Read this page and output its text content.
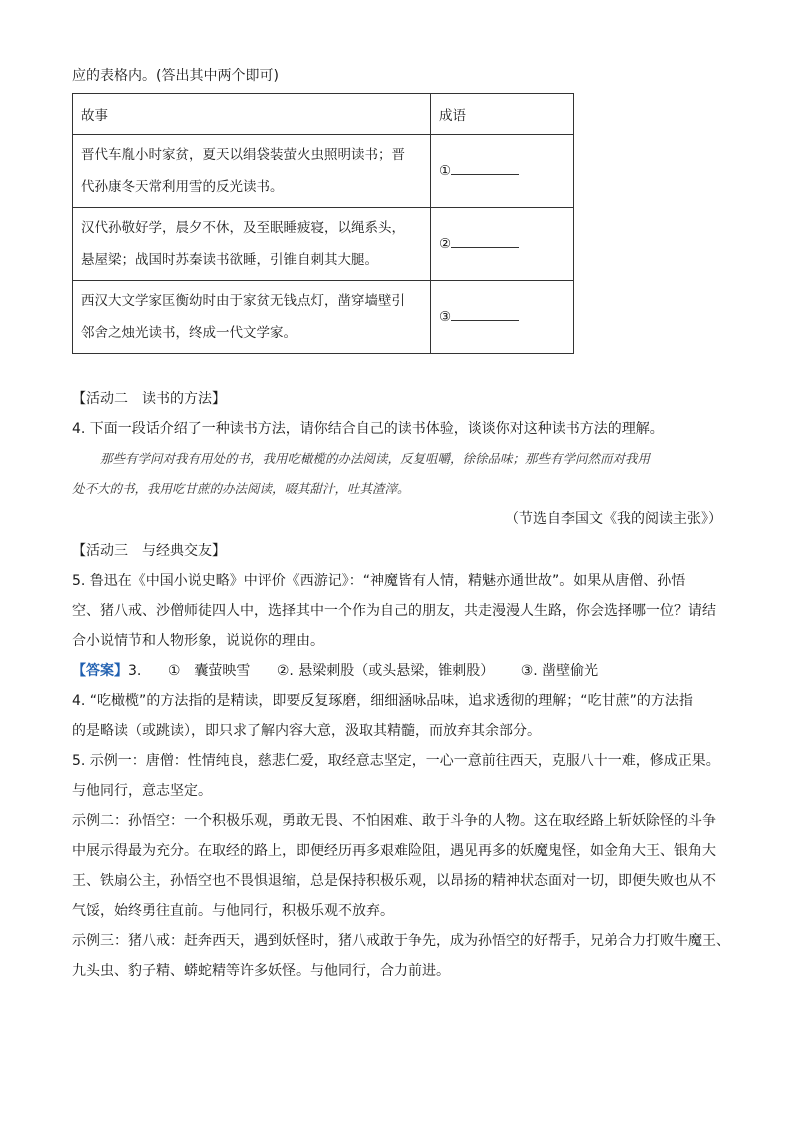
应的表格内。(答出其中两个即可)
故事	成语

晋代车胤小时家贫，夏天以绢袋装萤火虫照明读书；晋
代孙康冬天常利用雪的反光读书。	①

汉代孙敬好学，晨夕不休，及至眠睡疲寝，以绳系头，
悬屋梁；战国时苏秦读书欲睡，引锥自刺其大腿。	②

西汉大文学家匡衡幼时由于家贫无钱点灯，凿穿墙壁引
邻舍之烛光读书，终成一代文学家。	③
【活动二　读书的方法】
4. 下面一段话介绍了一种读书方法，请你结合自己的读书体验，谈谈你对这种读书方法的理解。
那些有学问对我有用处的书，我用吃橄榄的办法阅读，反复咀嚼，徐徐品味；那些有学问然而对我用
处不大的书，我用吃甘蔗的办法阅读，啜其甜汁，吐其渣滓。
（节选自李国文《我的阅读主张》）
【活动三　与经典交友】
5. 鲁迅在《中国小说史略》中评价《西游记》：“神魔皆有人情，精魅亦通世故”。如果从唐僧、孙悟
空、猪八戒、沙僧师徒四人中，选择其中一个作为自己的朋友，共走漫漫人生路，你会选择哪一位？请结
合小说情节和人物形象，说说你的理由。
【答案】3. ①　囊萤映雪 ②. 悬梁刺股（或头悬梁，锥刺股） ③. 凿壁偷光
4. “吃橄榄”的方法指的是精读，即要反复琢磨，细细涵咏品味，追求透彻的理解；“吃甘蔗”的方法指
的是略读（或跳读），即只求了解内容大意，汲取其精髓，而放弃其余部分。
5. 示例一：唐僧：性情纯良，慈悲仁爱，取经意志坚定，一心一意前往西天，克服八十一难，修成正果。
与他同行，意志坚定。
示例二：孙悟空：一个积极乐观，勇敢无畏、不怕困难、敢于斗争的人物。这在取经路上斩妖除怪的斗争
中展示得最为充分。在取经的路上，即便经历再多艰难险阻，遇见再多的妖魔鬼怪，如金角大王、银角大
王、铁扇公主，孙悟空也不畏惧退缩，总是保持积极乐观，以昂扬的精神状态面对一切，即便失败也从不
气馁，始终勇往直前。与他同行，积极乐观不放弃。
示例三：猪八戒：赶奔西天，遇到妖怪时，猪八戒敢于争先，成为孙悟空的好帮手，兄弟合力打败牛魔王、
九头虫、豹子精、蟒蛇精等许多妖怪。与他同行，合力前进。
